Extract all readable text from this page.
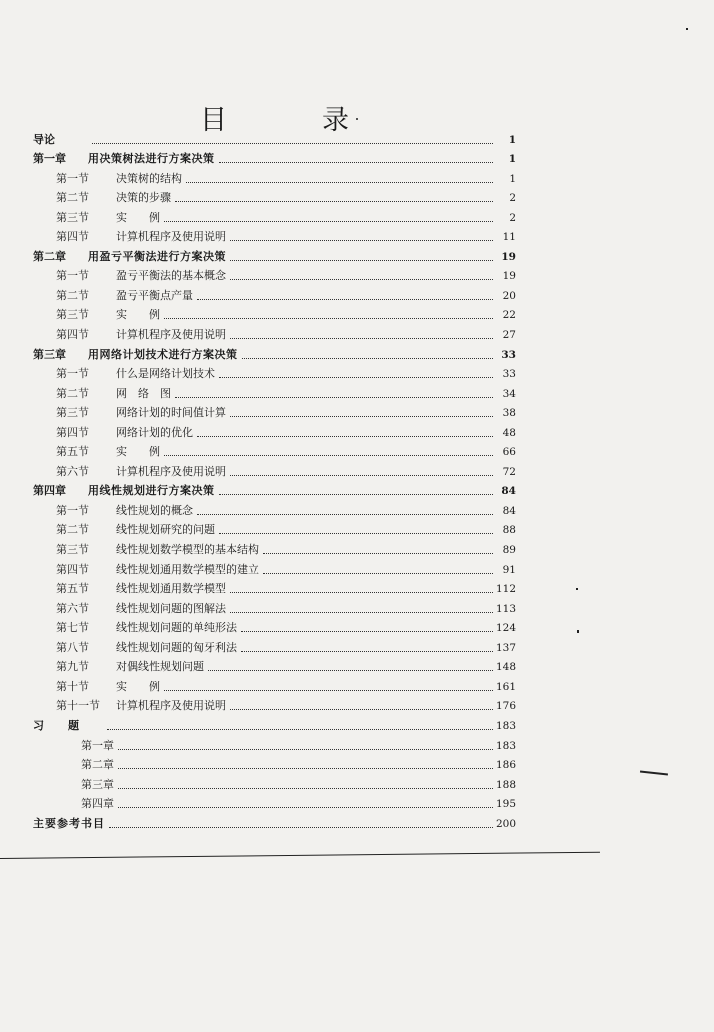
目	录
导论	1
第一章	用决策树法进行方案决策	1
第一节	决策树的结构	1
第二节	决策的步骤	2
第三节	实　　例	2
第四节	计算机程序及使用说明	11
第二章	用盈亏平衡法进行方案决策	19
第一节	盈亏平衡法的基本概念	19
第二节	盈亏平衡点产量	20
第三节	实　　例	22
第四节	计算机程序及使用说明	27
第三章	用网络计划技术进行方案决策	33
第一节	什么是网络计划技术	33
第二节	网　络　图	34
第三节	网络计划的时间值计算	38
第四节	网络计划的优化	48
第五节	实　　例	66
第六节	计算机程序及使用说明	72
第四章	用线性规划进行方案决策	84
第一节	线性规划的概念	84
第二节	线性规划研究的问题	88
第三节	线性规划数学模型的基本结构	89
第四节	线性规划通用数学模型的建立	91
第五节	线性规划通用数学模型	112
第六节	线性规划问题的图解法	113
第七节	线性规划问题的单纯形法	124
第八节	线性规划问题的匈牙利法	137
第九节	对偶线性规划问题	148
第十节	实　　例	161
第十一节	计算机程序及使用说明	176
习题	183
第一章	183
第二章	186
第三章	188
第四章	195
主要参考书目	200
